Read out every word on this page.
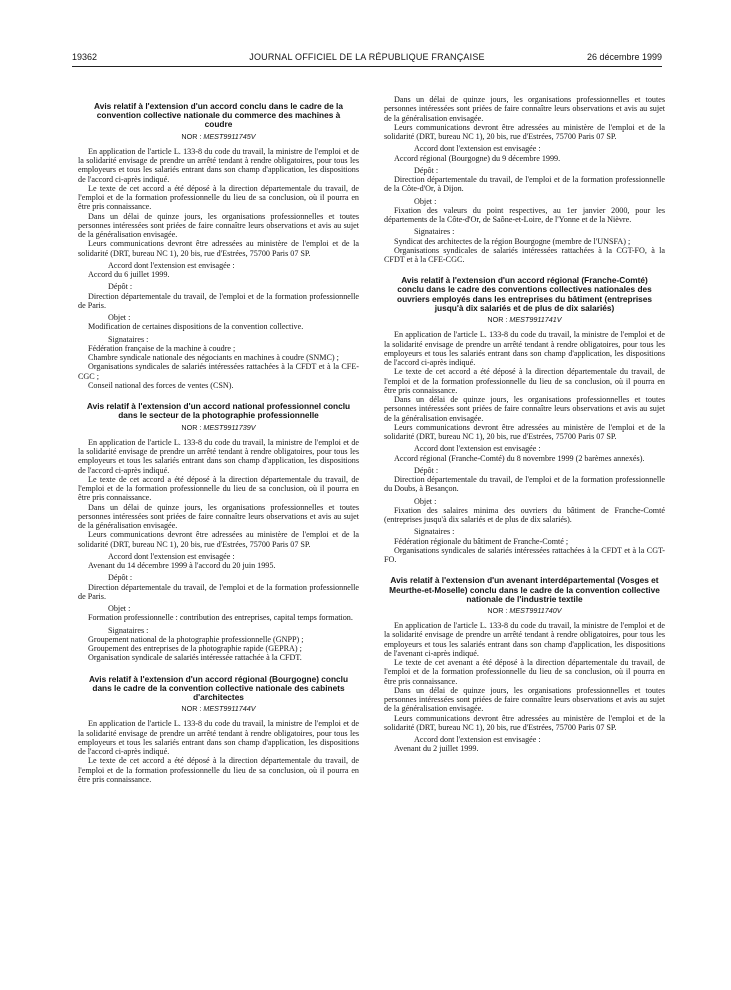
19362	JOURNAL OFFICIEL DE LA RÉPUBLIQUE FRANÇAISE	26 décembre 1999
Avis relatif à l'extension d'un accord conclu dans le cadre de la convention collective nationale du commerce des machines à coudre
NOR : MEST9911745V

En application de l'article L. 133-8 du code du travail, la ministre de l'emploi et de la solidarité envisage de prendre un arrêté tendant à rendre obligatoires, pour tous les employeurs et tous les salariés entrant dans son champ d'application, les dispositions de l'accord ci-après indiqué.

Le texte de cet accord a été déposé à la direction départementale du travail, de l'emploi et de la formation professionnelle du lieu de sa conclusion, où il pourra en être pris connaissance.

Dans un délai de quinze jours, les organisations professionnelles et toutes personnes intéressées sont priées de faire connaître leurs observations et avis au sujet de la généralisation envisagée.

Leurs communications devront être adressées au ministère de l'emploi et de la solidarité (DRT, bureau NC 1), 20 bis, rue d'Estrées, 75700 Paris 07 SP.

Accord dont l'extension est envisagée :

Accord du 6 juillet 1999.

Dépôt :

Direction départementale du travail, de l'emploi et de la formation professionnelle de Paris.

Objet :

Modification de certaines dispositions de la convention collective.

Signataires :

Fédération française de la machine à coudre ;

Chambre syndicale nationale des négociants en machines à coudre (SNMC) ;

Organisations syndicales de salariés intéressées rattachées à la CFDT et à la CFE-CGC ;

Conseil national des forces de ventes (CSN).

Avis relatif à l'extension d'un accord national professionnel conclu dans le secteur de la photographie professionnelle
NOR : MEST9911739V

En application de l'article L. 133-8 du code du travail, la ministre de l'emploi et de la solidarité envisage de prendre un arrêté tendant à rendre obligatoires, pour tous les employeurs et tous les salariés entrant dans son champ d'application, les dispositions de l'accord ci-après indiqué.

Le texte de cet accord a été déposé à la direction départementale du travail, de l'emploi et de la formation professionnelle du lieu de sa conclusion, où il pourra en être pris connaissance.

Dans un délai de quinze jours, les organisations professionnelles et toutes personnes intéressées sont priées de faire connaître leurs observations et avis au sujet de la généralisation envisagée.

Leurs communications devront être adressées au ministère de l'emploi et de la solidarité (DRT, bureau NC 1), 20 bis, rue d'Estrées, 75700 Paris 07 SP.

Accord dont l'extension est envisagée :

Avenant du 14 décembre 1999 à l'accord du 20 juin 1995.

Dépôt :

Direction départementale du travail, de l'emploi et de la formation professionnelle de Paris.

Objet :

Formation professionnelle : contribution des entreprises, capital temps formation.

Signataires :

Groupement national de la photographie professionnelle (GNPP) ;

Groupement des entreprises de la photographie rapide (GEPRA) ;

Organisation syndicale de salariés intéressée rattachée à la CFDT.

Avis relatif à l'extension d'un accord régional (Bourgogne) conclu dans le cadre de la convention collective nationale des cabinets d'architectes
NOR : MEST9911744V

En application de l'article L. 133-8 du code du travail, la ministre de l'emploi et de la solidarité envisage de prendre un arrêté tendant à rendre obligatoires, pour tous les employeurs et tous les salariés entrant dans son champ d'application, les dispositions de l'accord ci-après indiqué.

Le texte de cet accord a été déposé à la direction départementale du travail, de l'emploi et de la formation professionnelle du lieu de sa conclusion, où il pourra en être pris connaissance.

Dans un délai de quinze jours, les organisations professionnelles et toutes personnes intéressées sont priées de faire connaître leurs observations et avis au sujet de la généralisation envisagée.

Leurs communications devront être adressées au ministère de l'emploi et de la solidarité (DRT, bureau NC 1), 20 bis, rue d'Estrées, 75700 Paris 07 SP.

Accord dont l'extension est envisagée :

Accord régional (Bourgogne) du 9 décembre 1999.

Dépôt :

Direction départementale du travail, de l'emploi et de la formation professionnelle de la Côte-d'Or, à Dijon.

Objet :

Fixation des valeurs du point respectives, au 1er janvier 2000, pour les départements de la Côte-d'Or, de Saône-et-Loire, de l'Yonne et de la Nièvre.

Signataires :

Syndicat des architectes de la région Bourgogne (membre de l'UNSFA) ;

Organisations syndicales de salariés intéressées rattachées à la CGT-FO, à la CFDT et à la CFE-CGC.

Avis relatif à l'extension d'un accord régional (Franche-Comté) conclu dans le cadre des conventions collectives nationales des ouvriers employés dans les entreprises du bâtiment (entreprises jusqu'à dix salariés et de plus de dix salariés)
NOR : MEST9911741V

En application de l'article L. 133-8 du code du travail, la ministre de l'emploi et de la solidarité envisage de prendre un arrêté tendant à rendre obligatoires, pour tous les employeurs et tous les salariés entrant dans son champ d'application, les dispositions de l'accord ci-après indiqué.

Le texte de cet accord a été déposé à la direction départementale du travail, de l'emploi et de la formation professionnelle du lieu de sa conclusion, où il pourra en être pris connaissance.

Dans un délai de quinze jours, les organisations professionnelles et toutes personnes intéressées sont priées de faire connaître leurs observations et avis au sujet de la généralisation envisagée.

Leurs communications devront être adressées au ministère de l'emploi et de la solidarité (DRT, bureau NC 1), 20 bis, rue d'Estrées, 75700 Paris 07 SP.

Accord dont l'extension est envisagée :

Accord régional (Franche-Comté) du 8 novembre 1999 (2 barèmes annexés).

Dépôt :

Direction départementale du travail, de l'emploi et de la formation professionnelle du Doubs, à Besançon.

Objet :

Fixation des salaires minima des ouvriers du bâtiment de Franche-Comté (entreprises jusqu'à dix salariés et de plus de dix salariés).

Signataires :

Fédération régionale du bâtiment de Franche-Comté ;

Organisations syndicales de salariés intéressées rattachées à la CFDT et à la CGT-FO.

Avis relatif à l'extension d'un avenant interdépartemental (Vosges et Meurthe-et-Moselle) conclu dans le cadre de la convention collective nationale de l'industrie textile
NOR : MEST9911740V

En application de l'article L. 133-8 du code du travail, la ministre de l'emploi et de la solidarité envisage de prendre un arrêté tendant à rendre obligatoires, pour tous les employeurs et tous les salariés entrant dans son champ d'application, les dispositions de l'avenant ci-après indiqué.

Le texte de cet avenant a été déposé à la direction départementale du travail, de l'emploi et de la formation professionnelle du lieu de sa conclusion, où il pourra en être pris connaissance.

Dans un délai de quinze jours, les organisations professionnelles et toutes personnes intéressées sont priées de faire connaître leurs observations et avis au sujet de la généralisation envisagée.

Leurs communications devront être adressées au ministère de l'emploi et de la solidarité (DRT, bureau NC 1), 20 bis, rue d'Estrées, 75700 Paris 07 SP.

Accord dont l'extension est envisagée :

Avenant du 2 juillet 1999.
